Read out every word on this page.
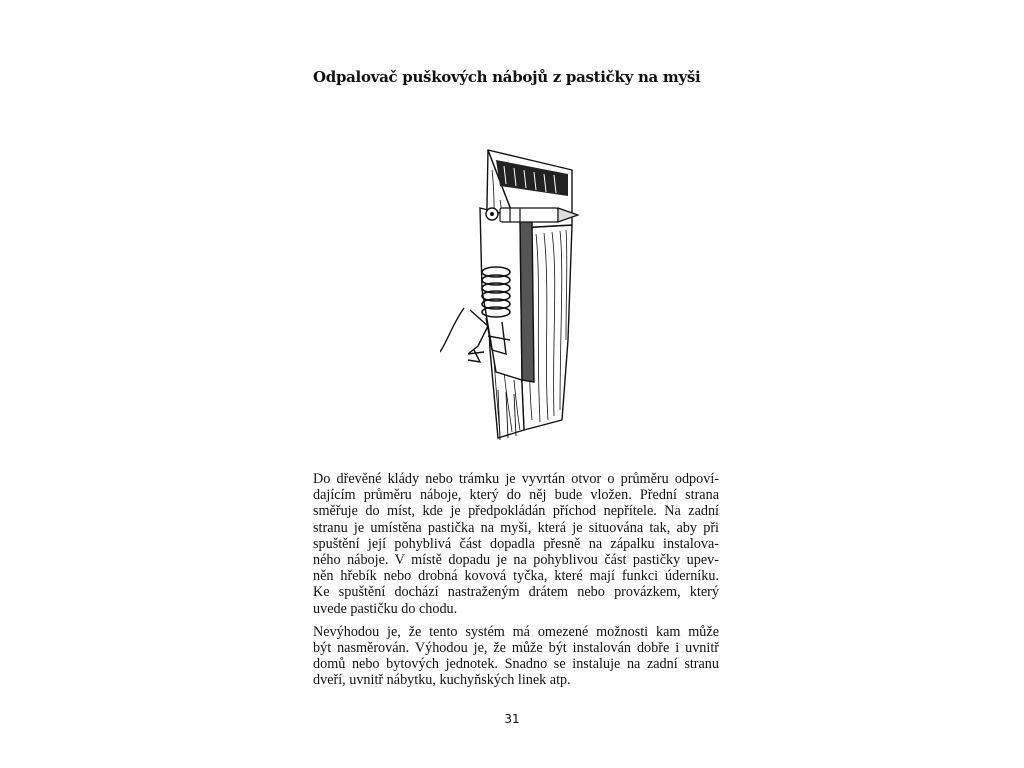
Odpalovač puškových nábojů z pastičky na myši

Do dřevěné klády nebo trámku je vyvrtán otvor o průměru odpoví-
dajícím průměru náboje, který do něj bude vložen. Přední strana
směřuje do míst, kde je předpokládán příchod nepřítele. Na zadní
stranu je umístěna pastička na myši, která je situována tak, aby při
spuštění její pohyblivá část dopadla přesně na zápalku instalova-
ného náboje. V místě dopadu je na pohyblivou část pastičky upev-
něn hřebík nebo drobná kovová tyčka, které mají funkci úderníku.
Ke spuštění dochází nastraženým drátem nebo provázkem, který
uvede pastičku do chodu.

Nevýhodou je, že tento systém má omezené možnosti kam může
být nasměrován. Výhodou je, že může být instalován dobře i uvnitř
domů nebo bytových jednotek. Snadno se instaluje na zadní stranu
dveří, uvnitř nábytku, kuchyňských linek atp.

31
